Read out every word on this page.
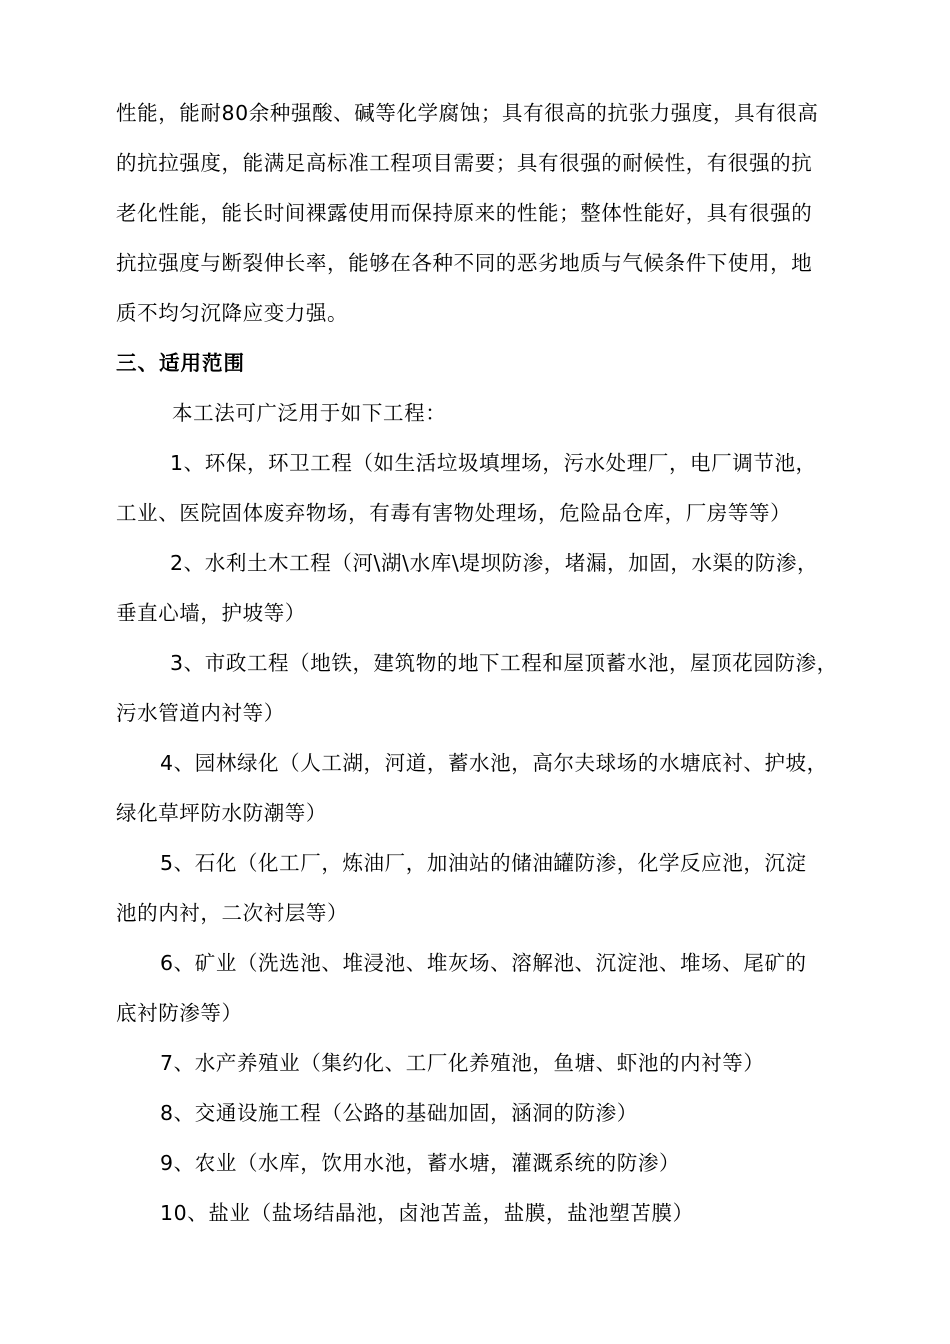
性能，能耐80余种强酸、碱等化学腐蚀；具有很高的抗张力强度，具有很高
的抗拉强度，能满足高标准工程项目需要；具有很强的耐候性，有很强的抗
老化性能，能长时间裸露使用而保持原来的性能；整体性能好，具有很强的
抗拉强度与断裂伸长率，能够在各种不同的恶劣地质与气候条件下使用，地
质不均匀沉降应变力强。
三、适用范围
本工法可广泛用于如下工程：
1、环保，环卫工程（如生活垃圾填埋场，污水处理厂，电厂调节池，
工业、医院固体废弃物场，有毒有害物处理场，危险品仓库，厂房等等）
2、水利土木工程（河\湖\水库\堤坝防渗，堵漏，加固，水渠的防渗，
垂直心墙，护坡等）
3、市政工程（地铁，建筑物的地下工程和屋顶蓄水池，屋顶花园防渗，
污水管道内衬等）
4、园林绿化（人工湖，河道，蓄水池，高尔夫球场的水塘底衬、护坡，
绿化草坪防水防潮等）
5、石化（化工厂，炼油厂，加油站的储油罐防渗，化学反应池，沉淀
池的内衬，二次衬层等）
6、矿业（洗选池、堆浸池、堆灰场、溶解池、沉淀池、堆场、尾矿的
底衬防渗等）
7、水产养殖业（集约化、工厂化养殖池，鱼塘、虾池的内衬等）
8、交通设施工程（公路的基础加固，涵洞的防渗）
9、农业（水库，饮用水池，蓄水塘，灌溉系统的防渗）
10、盐业（盐场结晶池，卤池苫盖，盐膜，盐池塑苫膜）
